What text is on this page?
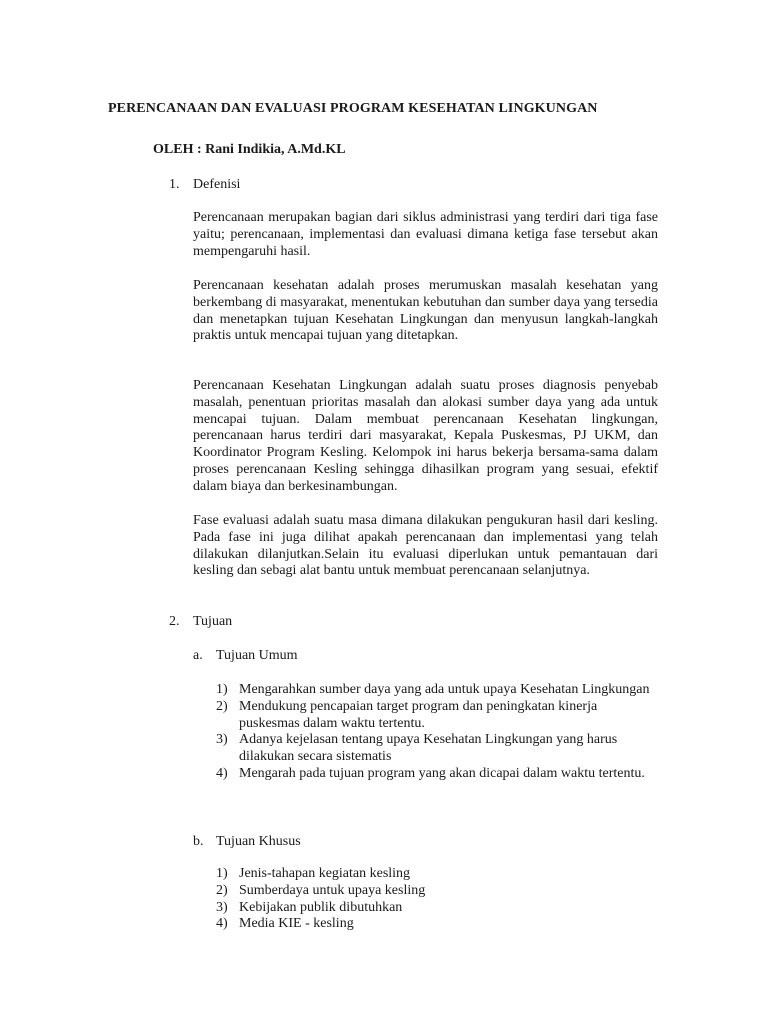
PERENCANAAN DAN EVALUASI PROGRAM KESEHATAN LINGKUNGAN
OLEH : Rani Indikia, A.Md.KL
1. Defenisi

Perencanaan merupakan bagian dari siklus administrasi yang terdiri dari tiga fase yaitu; perencanaan, implementasi dan evaluasi dimana ketiga fase tersebut akan mempengaruhi hasil.

Perencanaan kesehatan adalah proses merumuskan masalah kesehatan yang berkembang di masyarakat, menentukan kebutuhan dan sumber daya yang tersedia dan menetapkan tujuan Kesehatan Lingkungan dan menyusun langkah-langkah praktis untuk mencapai tujuan yang ditetapkan.

Perencanaan Kesehatan Lingkungan adalah suatu proses diagnosis penyebab masalah, penentuan prioritas masalah dan alokasi sumber daya yang ada untuk mencapai tujuan. Dalam membuat perencanaan Kesehatan lingkungan, perencanaan harus terdiri dari masyarakat, Kepala Puskesmas, PJ UKM, dan Koordinator Program Kesling. Kelompok ini harus bekerja bersama-sama dalam proses perencanaan Kesling sehingga dihasilkan program yang sesuai, efektif dalam biaya dan berkesinambungan.

Fase evaluasi adalah suatu masa dimana dilakukan pengukuran hasil dari kesling. Pada fase ini juga dilihat apakah perencanaan dan implementasi yang telah dilakukan dilanjutkan.Selain itu evaluasi diperlukan untuk pemantauan dari kesling dan sebagi alat bantu untuk membuat perencanaan selanjutnya.

2. Tujuan
a. Tujuan Umum
1) Mengarahkan sumber daya yang ada untuk upaya Kesehatan Lingkungan
2) Mendukung pencapaian target program dan peningkatan kinerja puskesmas dalam waktu tertentu.
3) Adanya kejelasan tentang upaya Kesehatan Lingkungan yang harus dilakukan secara sistematis
4) Mengarah pada tujuan program yang akan dicapai dalam waktu tertentu.
b. Tujuan Khusus
1) Jenis-tahapan kegiatan kesling
2) Sumberdaya untuk upaya kesling
3) Kebijakan publik dibutuhkan
4) Media KIE - kesling
